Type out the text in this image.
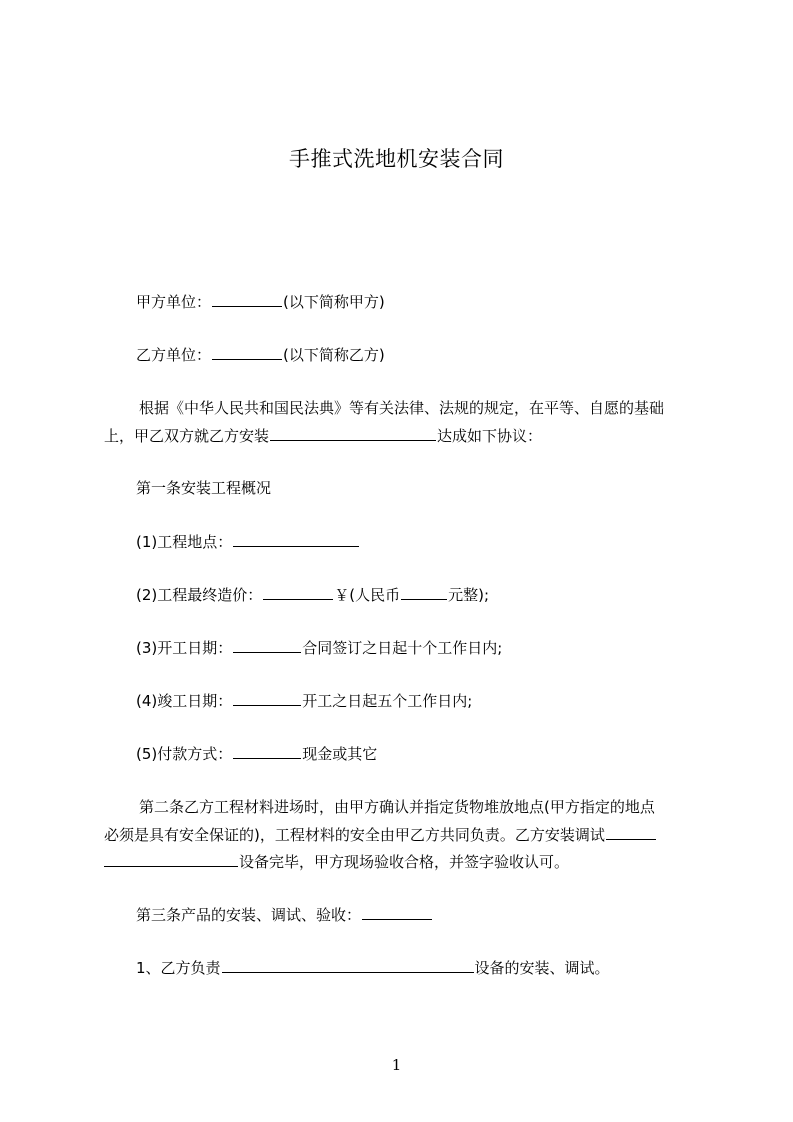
手推式洗地机安装合同
甲方单位：	(以下简称甲方)
乙方单位：	(以下简称乙方)
根据《中华人民共和国民法典》等有关法律、法规的规定，在平等、自愿的基础
上，甲乙双方就乙方安装	达成如下协议：
第一条安装工程概况
(1)工程地点：
(2)工程最终造价：	￥(人民币	元整);
(3)开工日期：	合同签订之日起十个工作日内;
(4)竣工日期：	开工之日起五个工作日内;
(5)付款方式：	现金或其它
第二条乙方工程材料进场时，由甲方确认并指定货物堆放地点(甲方指定的地点
必须是具有安全保证的)，工程材料的安全由甲乙方共同负责。乙方安装调试
设备完毕，甲方现场验收合格，并签字验收认可。
第三条产品的安装、调试、验收：
1、乙方负责	设备的安装、调试。
1
